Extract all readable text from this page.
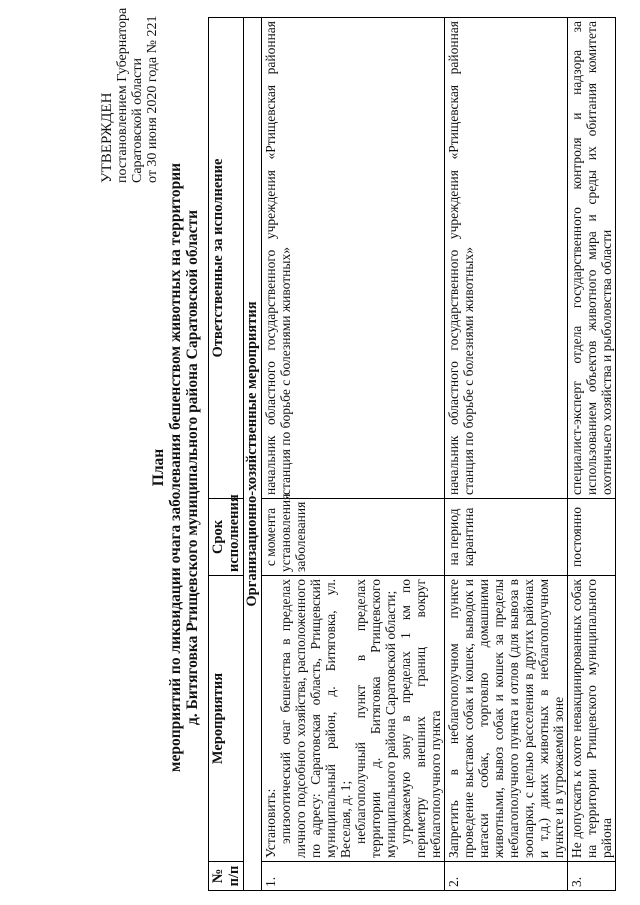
УТВЕРЖДЕН постановлением Губернатора Саратовской области от 30 июня 2020 года № 221
План мероприятий по ликвидации очага заболевания бешенством животных на территории д. Битяговка Ртищевского муниципального района Саратовской области
№ п/п	Мероприятия	Срок исполнения	Ответственные за исполнение
Организационно-хозяйственные мероприятия			
1.	Установить: эпизоотический очаг бешенства в пределах личного подсобного хозяйства, расположенного по адресу: Саратовская область, Ртищевский муниципальный район, д. Битяговка, ул. Веселая, д. 1; неблагополучный пункт в пределах территории д. Битяговка Ртищевского муниципального района Саратовской области; угрожаемую зону в пределах 1 км по периметру внешних границ вокруг неблагополучного пункта	с момента установления заболевания	начальник областного государственного учреждения «Ртищевская районная станция по борьбе с болезнями животных»
2.	Запретить в неблагополучном пункте проведение выставок собак и кошек, выводок и натаски собак, торговлю домашними животными, вывоз собак и кошек за пределы неблагополучного пункта и отлов (для вывоза в зоопарки, с целью расселения в других районах и т.д.) диких животных в неблагополучном пункте и в угрожаемой зоне	на период карантина	начальник областного государственного учреждения «Ртищевская районная станция по борьбе с болезнями животных»
3.	Не допускать к охоте невакцинированных собак на территории Ртищевского муниципального района	постоянно	специалист-эксперт отдела государственного контроля и надзора за использованием объектов животного мира и среды их обитания комитета охотничьего хозяйства и рыболовства области
